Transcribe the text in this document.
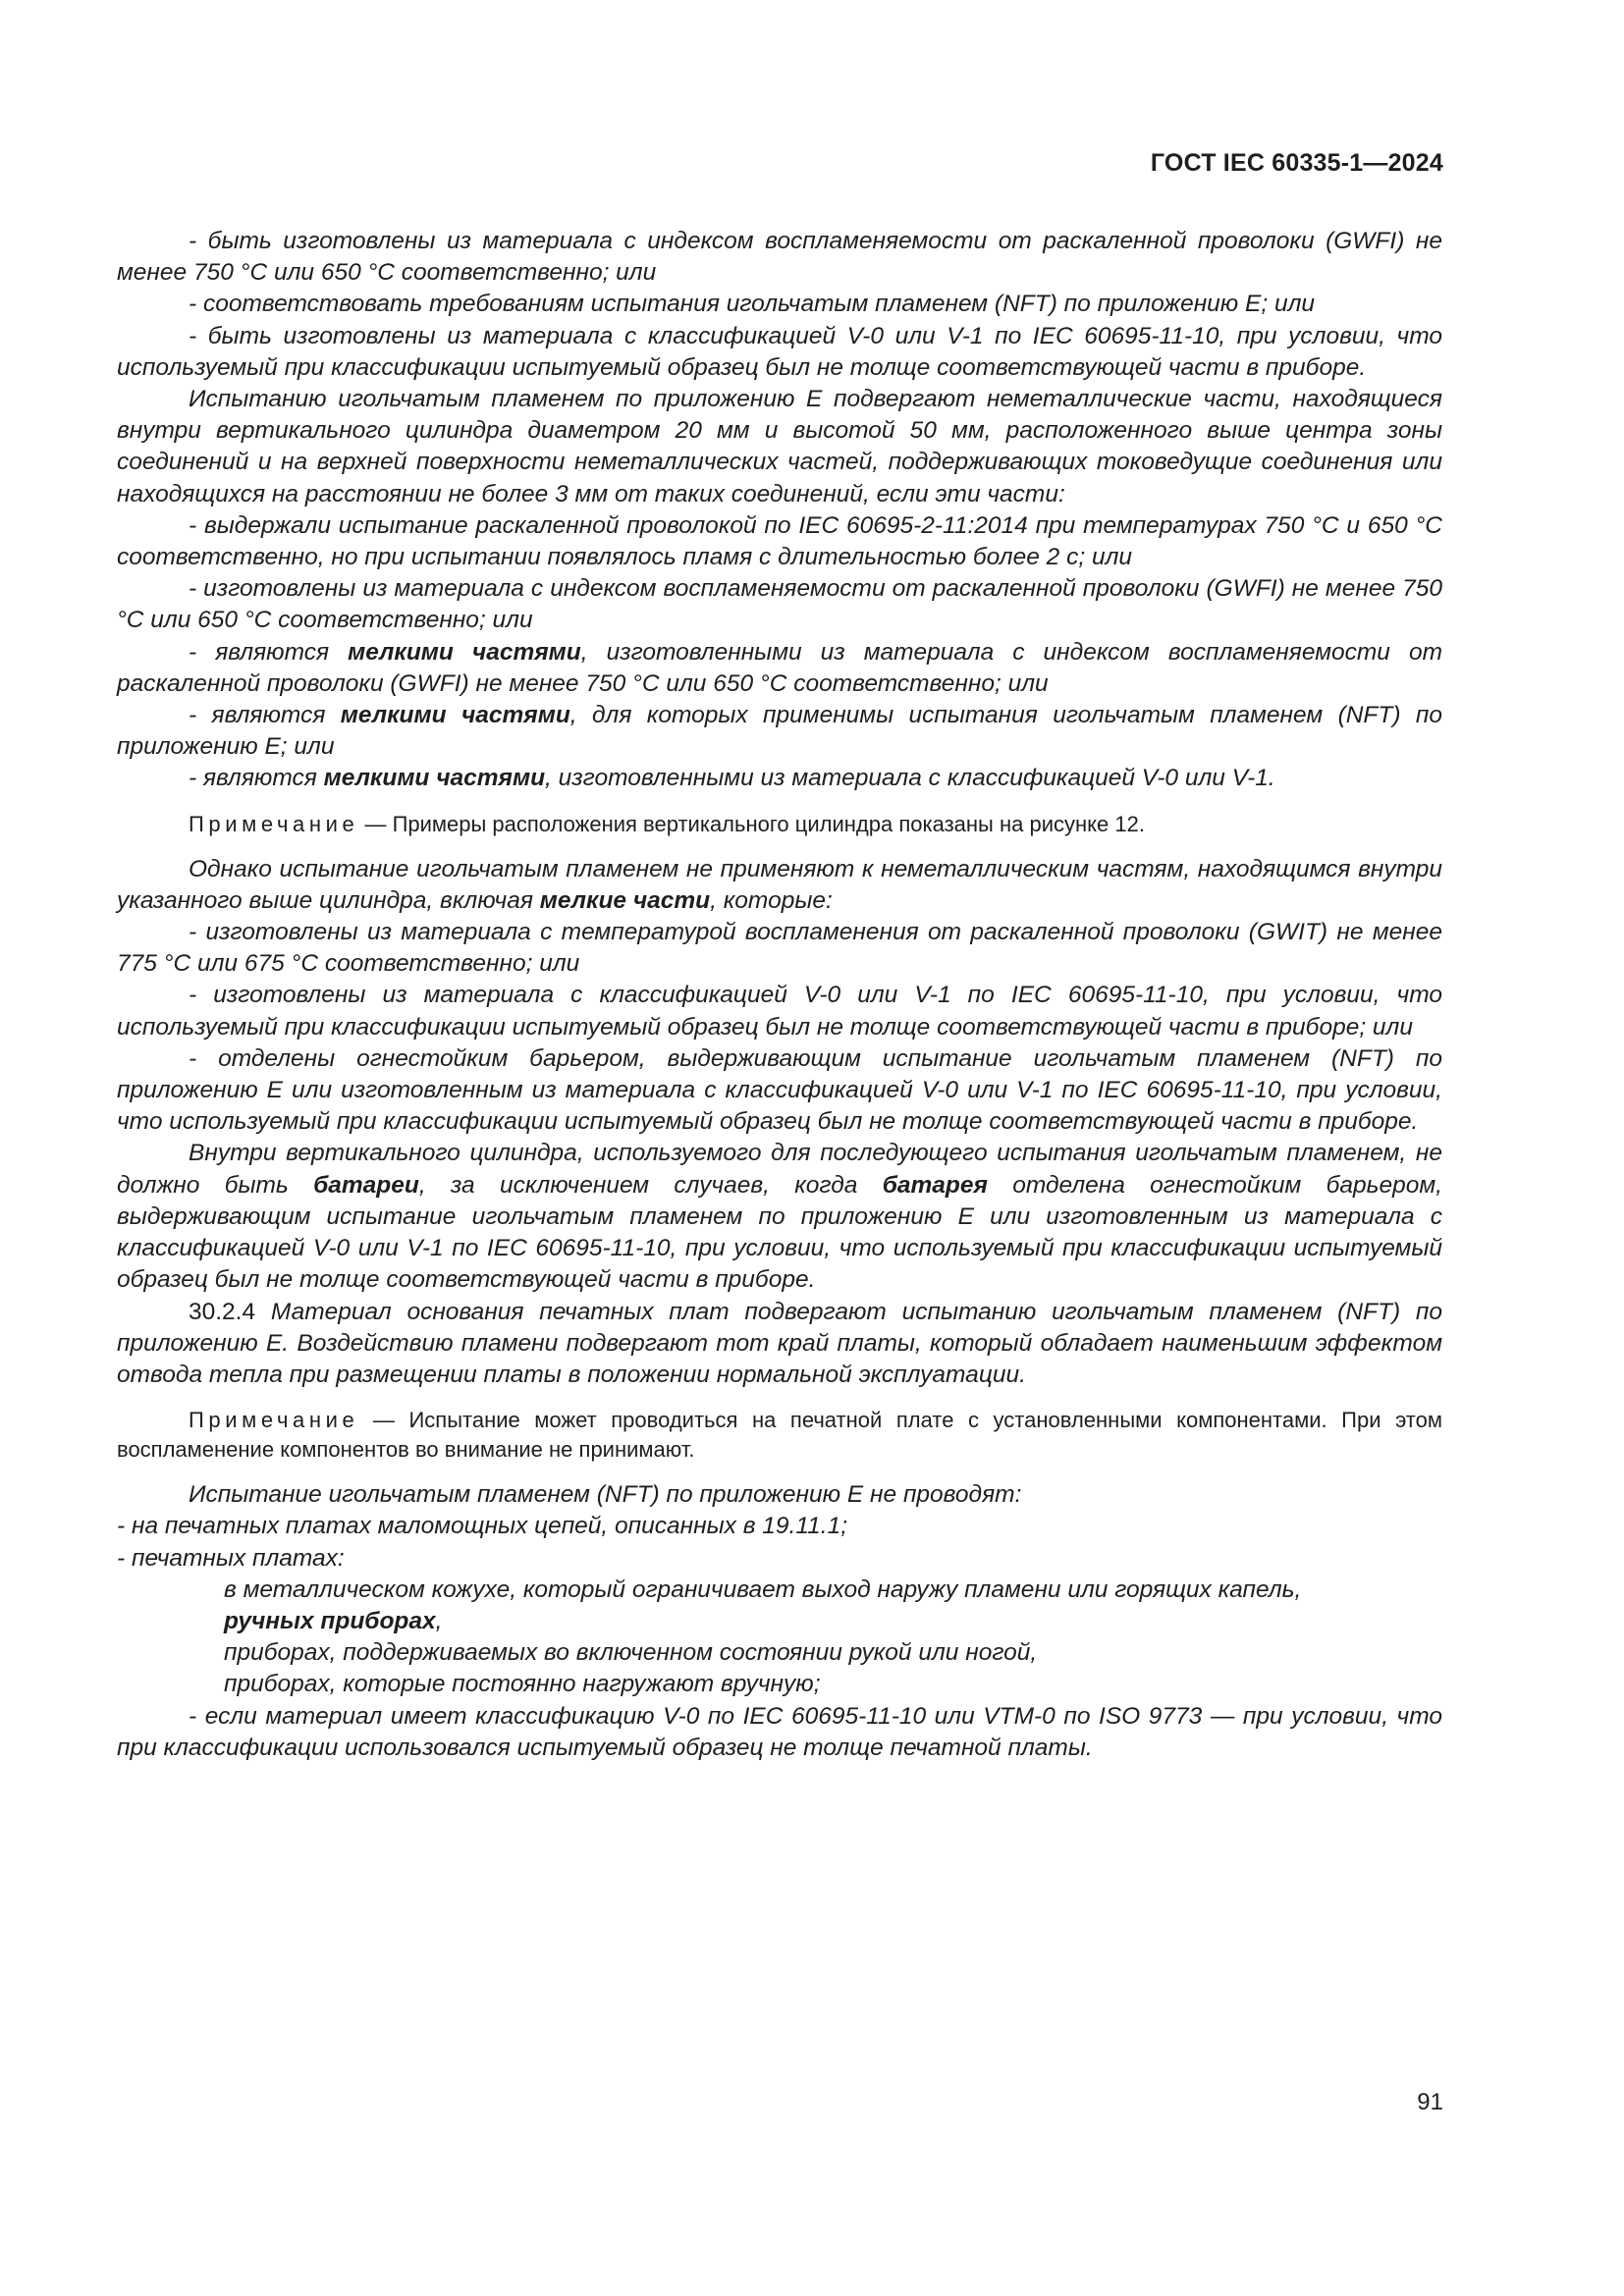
ГОСТ IEC 60335-1—2024

- быть изготовлены из материала с индексом воспламеняемости от раскаленной проволоки (GWFI) не менее 750 °С или 650 °С соответственно; или

- соответствовать требованиям испытания игольчатым пламенем (NFT) по приложению E; или

- быть изготовлены из материала с классификацией V-0 или V-1 по IEC 60695-11-10, при условии, что используемый при классификации испытуемый образец был не толще соответствующей части в приборе.

Испытанию игольчатым пламенем по приложению E подвергают неметаллические части, находящиеся внутри вертикального цилиндра диаметром 20 мм и высотой 50 мм, расположенного выше центра зоны соединений и на верхней поверхности неметаллических частей, поддерживающих токоведущие соединения или находящихся на расстоянии не более 3 мм от таких соединений, если эти части:

- выдержали испытание раскаленной проволокой по IEC 60695-2-11:2014 при температурах 750 °С и 650 °С соответственно, но при испытании появлялось пламя с длительностью более 2 с; или

- изготовлены из материала с индексом воспламеняемости от раскаленной проволоки (GWFI) не менее 750 °С или 650 °С соответственно; или

- являются мелкими частями, изготовленными из материала с индексом воспламеняемости от раскаленной проволоки (GWFI) не менее 750 °С или 650 °С соответственно; или

- являются мелкими частями, для которых применимы испытания игольчатым пламенем (NFT) по приложению E; или

- являются мелкими частями, изготовленными из материала с классификацией V-0 или V-1.

Примечание — Примеры расположения вертикального цилиндра показаны на рисунке 12.

Однако испытание игольчатым пламенем не применяют к неметаллическим частям, находящимся внутри указанного выше цилиндра, включая мелкие части, которые:

- изготовлены из материала с температурой воспламенения от раскаленной проволоки (GWIT) не менее 775 °С или 675 °С соответственно; или

- изготовлены из материала с классификацией V-0 или V-1 по IEC 60695-11-10, при условии, что используемый при классификации испытуемый образец был не толще соответствующей части в приборе; или

- отделены огнестойким барьером, выдерживающим испытание игольчатым пламенем (NFT) по приложению E или изготовленным из материала с классификацией V-0 или V-1 по IEC 60695-11-10, при условии, что используемый при классификации испытуемый образец был не толще соответствующей части в приборе.

Внутри вертикального цилиндра, используемого для последующего испытания игольчатым пламенем, не должно быть батареи, за исключением случаев, когда батарея отделена огнестойким барьером, выдерживающим испытание игольчатым пламенем по приложению E или изготовленным из материала с классификацией V-0 или V-1 по IEC 60695-11-10, при условии, что используемый при классификации испытуемый образец был не толще соответствующей части в приборе.

30.2.4 Материал основания печатных плат подвергают испытанию игольчатым пламенем (NFT) по приложению E. Воздействию пламени подвергают тот край платы, который обладает наименьшим эффектом отвода тепла при размещении платы в положении нормальной эксплуатации.

Примечание — Испытание может проводиться на печатной плате с установленными компонентами. При этом воспламенение компонентов во внимание не принимают.

Испытание игольчатым пламенем (NFT) по приложению E не проводят:

- на печатных платах маломощных цепей, описанных в 19.11.1;

- печатных платах:

в металлическом кожухе, который ограничивает выход наружу пламени или горящих капель,

ручных приборах,

приборах, поддерживаемых во включенном состоянии рукой или ногой,

приборах, которые постоянно нагружают вручную;

- если материал имеет классификацию V-0 по IEC 60695-11-10 или VTM-0 по ISO 9773 — при условии, что при классификации использовался испытуемый образец не толще печатной платы.

91
